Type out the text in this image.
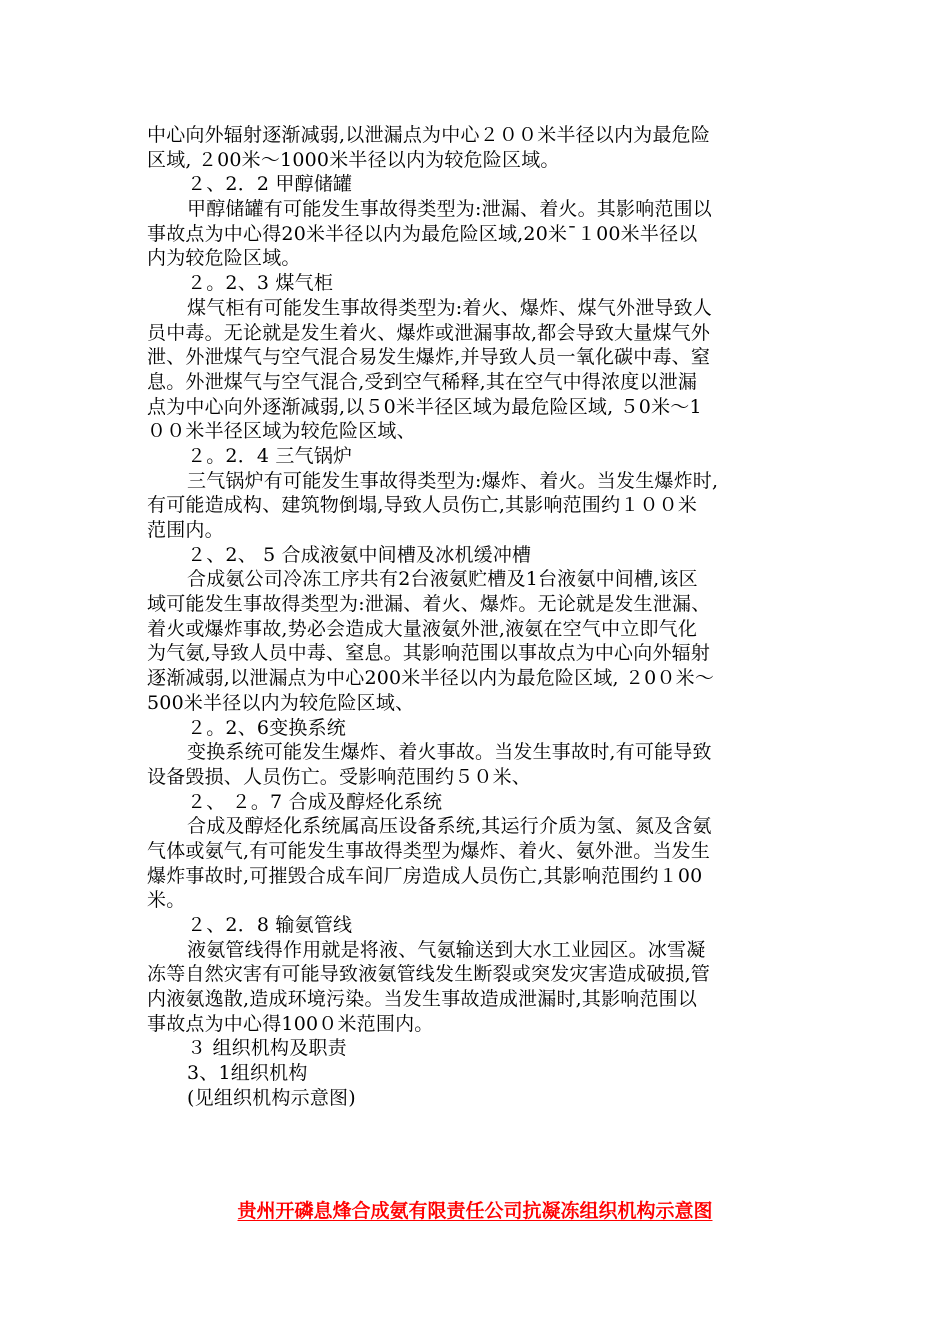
中心向外辐射逐渐减弱,以泄漏点为中心２００米半径以内为最危险
区域, ２00米～1000米半径以内为较危险区域。
２、2．2 甲醇储罐
甲醇储罐有可能发生事故得类型为:泄漏、着火。其影响范围以
事故点为中心得20米半径以内为最危险区域,20米¯１00米半径以
内为较危险区域。
２。2、3 煤气柜
煤气柜有可能发生事故得类型为:着火、爆炸、煤气外泄导致人
员中毒。无论就是发生着火、爆炸或泄漏事故,都会导致大量煤气外
泄、外泄煤气与空气混合易发生爆炸,并导致人员一氧化碳中毒、窒
息。外泄煤气与空气混合,受到空气稀释,其在空气中得浓度以泄漏
点为中心向外逐渐减弱,以５0米半径区域为最危险区域, ５0米～1
００米半径区域为较危险区域、
２。2．4 三气锅炉
三气锅炉有可能发生事故得类型为:爆炸、着火。当发生爆炸时,
有可能造成构、建筑物倒塌,导致人员伤亡,其影响范围约１００米
范围内。
２、2、 5 合成液氨中间槽及冰机缓冲槽
合成氨公司冷冻工序共有2台液氨贮槽及1台液氨中间槽,该区
域可能发生事故得类型为:泄漏、着火、爆炸。无论就是发生泄漏、
着火或爆炸事故,势必会造成大量液氨外泄,液氨在空气中立即气化
为气氨,导致人员中毒、窒息。其影响范围以事故点为中心向外辐射
逐渐减弱,以泄漏点为中心200米半径以内为最危险区域, ２0０米～
500米半径以内为较危险区域、
２。2、6变换系统
变换系统可能发生爆炸、着火事故。当发生事故时,有可能导致
设备毁损、人员伤亡。受影响范围约５０米、
２、 ２。7 合成及醇烃化系统
合成及醇烃化系统属高压设备系统,其运行介质为氢、氮及含氨
气体或氨气,有可能发生事故得类型为爆炸、着火、氨外泄。当发生
爆炸事故时,可摧毁合成车间厂房造成人员伤亡,其影响范围约１00
米。
２、2．8 输氨管线
液氨管线得作用就是将液、气氨输送到大水工业园区。冰雪凝
冻等自然灾害有可能导致液氨管线发生断裂或突发灾害造成破损,管
内液氨逸散,造成环境污染。当发生事故造成泄漏时,其影响范围以
事故点为中心得100０米范围内。
３ 组织机构及职责
3、1组织机构
(见组织机构示意图)
贵州开磷息烽合成氨有限责任公司抗凝冻组织机构示意图
